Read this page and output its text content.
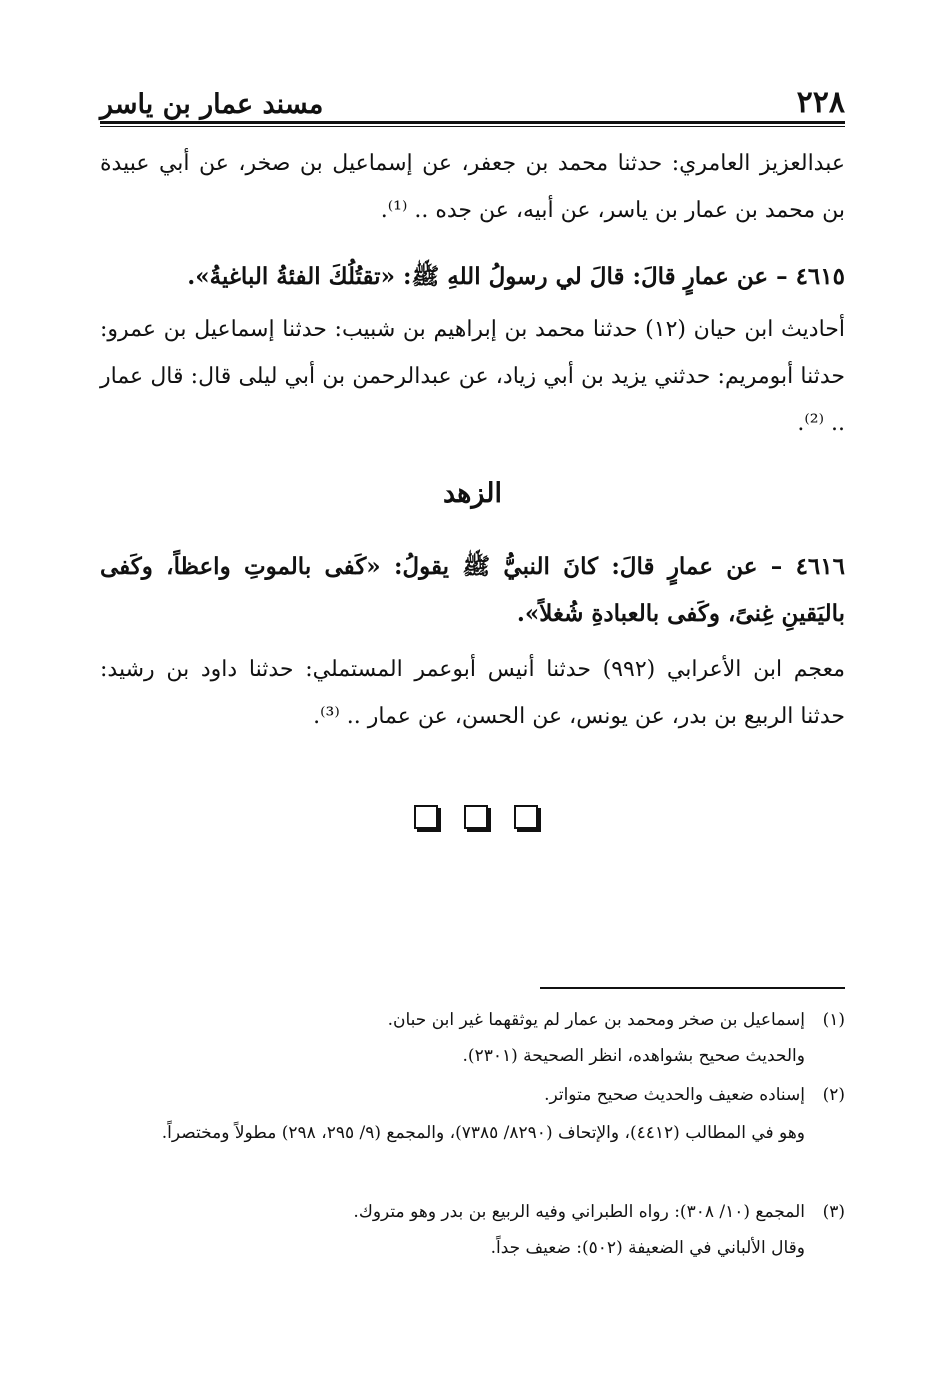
مسند عمار بن ياسر	٢٢٨

عبدالعزيز العامري: حدثنا محمد بن جعفر، عن إسماعيل بن صخر، عن أبي عبيدة بن محمد بن عمار بن ياسر، عن أبيه، عن جده .. ⁽¹⁾.

٤٦١٥ – عن عمارٍ قالَ: قالَ لي رسولُ اللهِ ﷺ: «تقتُلُكَ الفئةُ الباغيةُ».

أحاديث ابن حيان (١٢) حدثنا محمد بن إبراهيم بن شبيب: حدثنا إسماعيل بن عمرو: حدثنا أبومريم: حدثني يزيد بن أبي زياد، عن عبدالرحمن بن أبي ليلى قال: قال عمار .. ⁽²⁾.

الزهد

٤٦١٦ – عن عمارٍ قالَ: كانَ النبيُّ ﷺ يقولُ: «كَفى بالموتِ واعظاً، وكَفى باليَقينِ غِنىً، وكَفى بالعبادةِ شُغلاً».

معجم ابن الأعرابي (٩٩٢) حدثنا أنيس أبوعمر المستملي: حدثنا داود بن رشيد: حدثنا الربيع بن بدر، عن يونس، عن الحسن، عن عمار .. ⁽³⁾.

(١)إسماعيل بن صخر ومحمد بن عمار لم يوثقهما غير ابن حبان.

والحديث صحيح بشواهده، انظر الصحيحة (٢٣٠١).

(٢)إسناده ضعيف والحديث صحيح متواتر.

وهو في المطالب (٤٤١٢)، والإتحاف (٨٢٩٠/ ٧٣٨٥)، والمجمع (٩/ ٢٩٥، ٢٩٨) مطولاً ومختصراً.

(٣)المجمع (١٠/ ٣٠٨): رواه الطبراني وفيه الربيع بن بدر وهو متروك.

وقال الألباني في الضعيفة (٥٠٢): ضعيف جداً.
